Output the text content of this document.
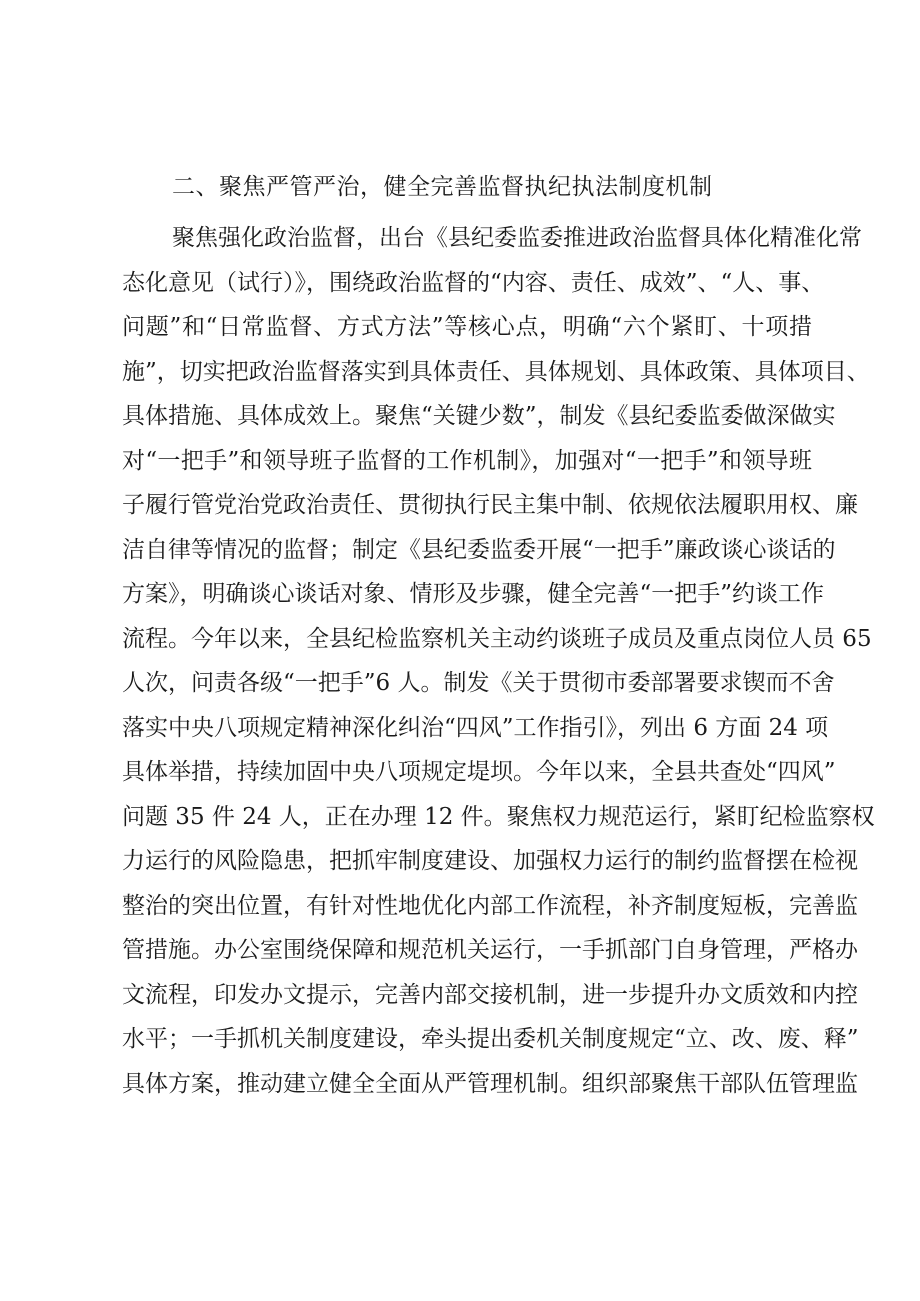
二、聚焦严管严治，健全完善监督执纪执法制度机制
聚焦强化政治监督，出台《县纪委监委推进政治监督具体化精准化常
态化意见（试行）》，围绕政治监督的“内容、责任、成效”、“人、事、
问题”和“日常监督、方式方法”等核心点，明确“六个紧盯、十项措
施”，切实把政治监督落实到具体责任、具体规划、具体政策、具体项目、
具体措施、具体成效上。聚焦“关键少数”，制发《县纪委监委做深做实
对“一把手”和领导班子监督的工作机制》，加强对“一把手”和领导班
子履行管党治党政治责任、贯彻执行民主集中制、依规依法履职用权、廉
洁自律等情况的监督；制定《县纪委监委开展“一把手”廉政谈心谈话的
方案》，明确谈心谈话对象、情形及步骤，健全完善“一把手”约谈工作
流程。今年以来，全县纪检监察机关主动约谈班子成员及重点岗位人员 65
人次，问责各级“一把手”6 人。制发《关于贯彻市委部署要求锲而不舍
落实中央八项规定精神深化纠治“四风”工作指引》，列出 6 方面 24 项
具体举措，持续加固中央八项规定堤坝。今年以来，全县共查处“四风”
问题 35 件 24 人，正在办理 12 件。聚焦权力规范运行，紧盯纪检监察权
力运行的风险隐患，把抓牢制度建设、加强权力运行的制约监督摆在检视
整治的突出位置，有针对性地优化内部工作流程，补齐制度短板，完善监
管措施。办公室围绕保障和规范机关运行，一手抓部门自身管理，严格办
文流程，印发办文提示，完善内部交接机制，进一步提升办文质效和内控
水平；一手抓机关制度建设，牵头提出委机关制度规定“立、改、废、释”
具体方案，推动建立健全全面从严管理机制。组织部聚焦干部队伍管理监
